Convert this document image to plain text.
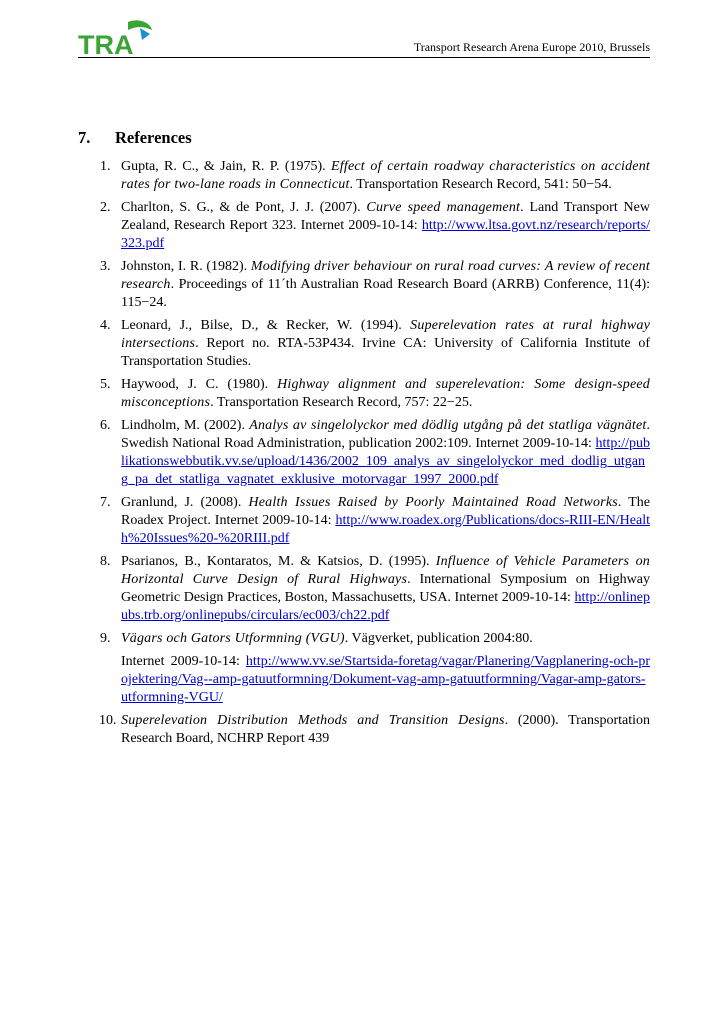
TRA	Transport Research Arena Europe 2010, Brussels
7. References
1. Gupta, R. C., & Jain, R. P. (1975). Effect of certain roadway characteristics on accident rates for two-lane roads in Connecticut. Transportation Research Record, 541: 50−54.
2. Charlton, S. G., & de Pont, J. J. (2007). Curve speed management. Land Transport New Zealand, Research Report 323. Internet 2009-10-14: http://www.ltsa.govt.nz/research/reports/323.pdf
3. Johnston, I. R. (1982). Modifying driver behaviour on rural road curves: A review of recent research. Proceedings of 11´th Australian Road Research Board (ARRB) Conference, 11(4): 115−24.
4. Leonard, J., Bilse, D., & Recker, W. (1994). Superelevation rates at rural highway intersections. Report no. RTA-53P434. Irvine CA: University of California Institute of Transportation Studies.
5. Haywood, J. C. (1980). Highway alignment and superelevation: Some design-speed misconceptions. Transportation Research Record, 757: 22−25.
6. Lindholm, M. (2002). Analys av singelolyckor med dödlig utgång på det statliga vägnätet. Swedish National Road Administration, publication 2002:109. Internet 2009-10-14: http://publikationswebbutik.vv.se/upload/1436/2002_109_analys_av_singelolyckor_med_dodlig_utgang_pa_det_statliga_vagnatet_exklusive_motorvagar_1997_2000.pdf
7. Granlund, J. (2008). Health Issues Raised by Poorly Maintained Road Networks. The Roadex Project. Internet 2009-10-14: http://www.roadex.org/Publications/docs-RIII-EN/Health%20Issues%20-%20RIII.pdf
8. Psarianos, B., Kontaratos, M. & Katsios, D. (1995). Influence of Vehicle Parameters on Horizontal Curve Design of Rural Highways. International Symposium on Highway Geometric Design Practices, Boston, Massachusetts, USA. Internet 2009-10-14: http://onlinepubs.trb.org/onlinepubs/circulars/ec003/ch22.pdf
9. Vägars och Gators Utformning (VGU). Vägverket, publication 2004:80.

Internet 2009-10-14: http://www.vv.se/Startsida-foretag/vagar/Planering/Vagplanering-och-projektering/Vag--amp-gatuutformning/Dokument-vag-amp-gatuutformning/Vagar-amp-gators-utformning-VGU/

10. Superelevation Distribution Methods and Transition Designs. (2000). Transportation Research Board, NCHRP Report 439
